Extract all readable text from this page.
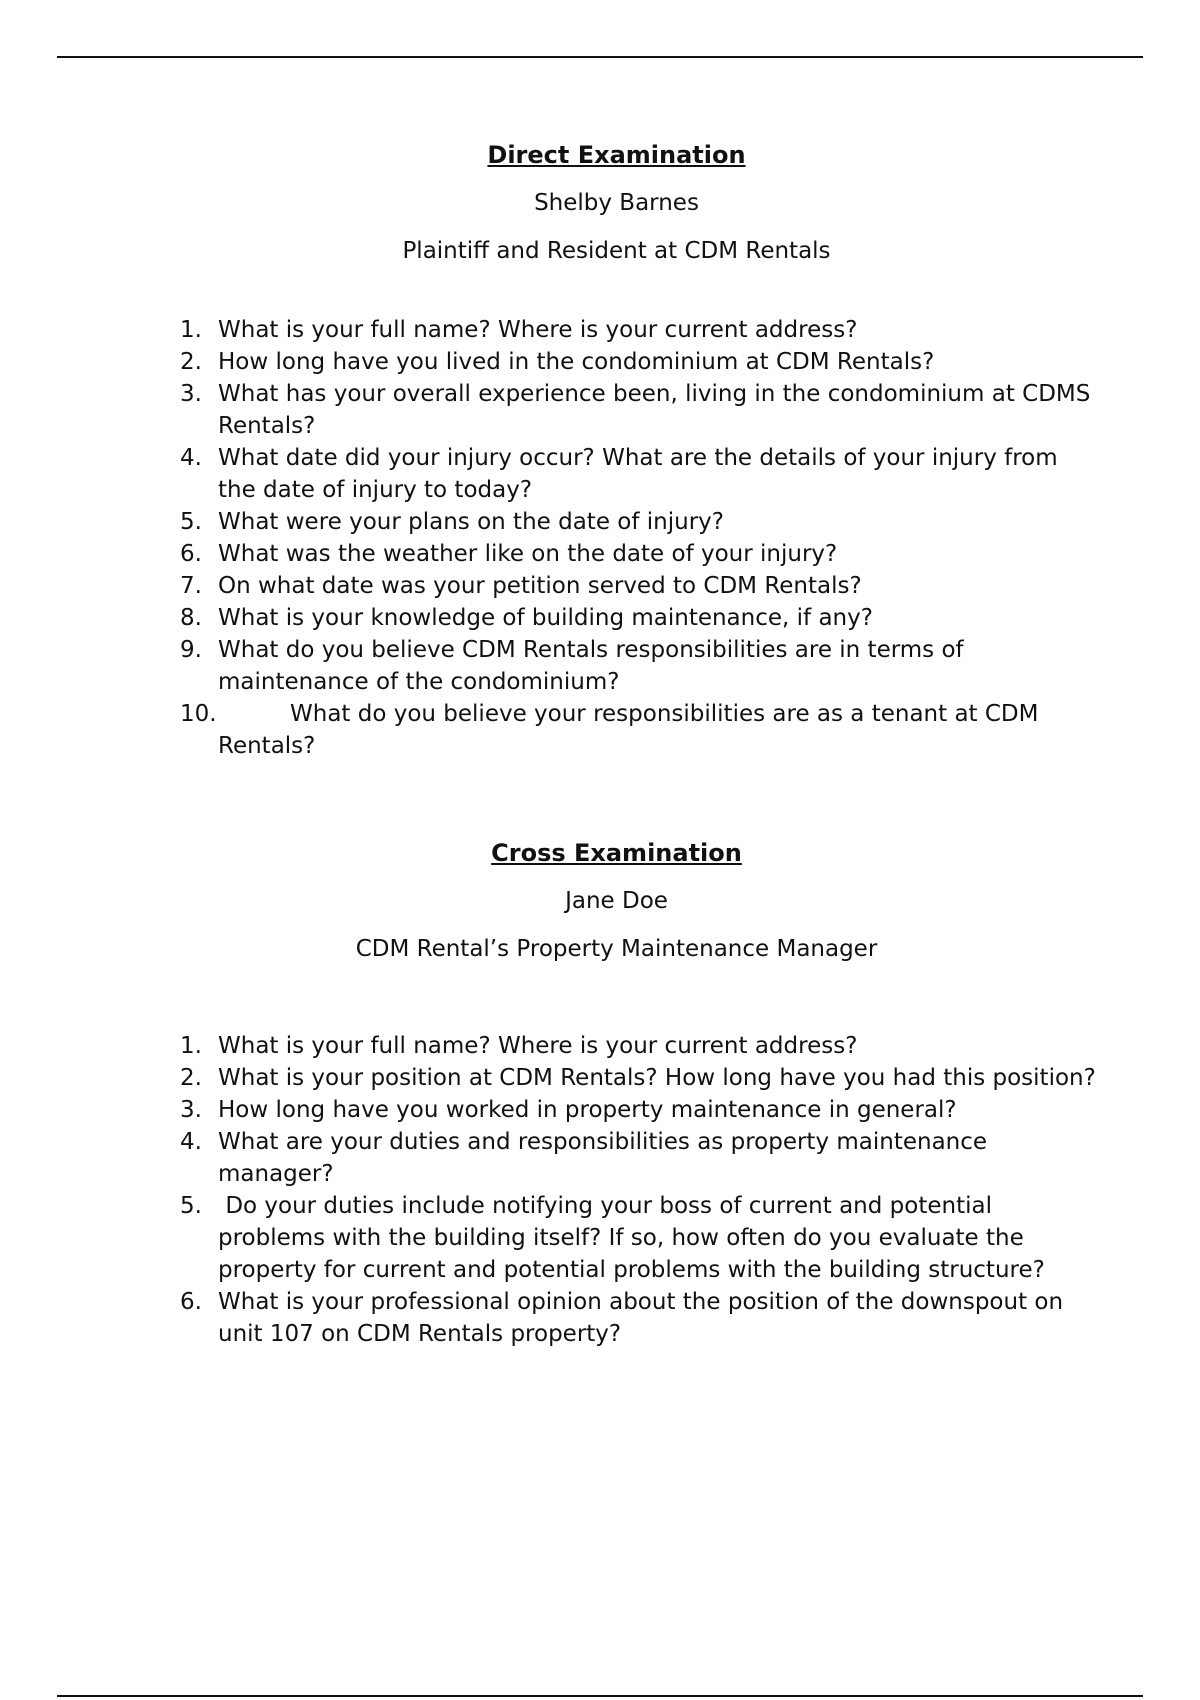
Direct Examination
Shelby Barnes
Plaintiff and Resident at CDM Rentals
1. What is your full name? Where is your current address?
2. How long have you lived in the condominium at CDM Rentals?
3. What has your overall experience been, living in the condominium at CDMS Rentals?
4. What date did your injury occur? What are the details of your injury from the date of injury to today?
5. What were your plans on the date of injury?
6. What was the weather like on the date of your injury?
7. On what date was your petition served to CDM Rentals?
8. What is your knowledge of building maintenance, if any?
9. What do you believe CDM Rentals responsibilities are in terms of maintenance of the condominium?
10.	What do you believe your responsibilities are as a tenant at CDM Rentals?
Cross Examination
Jane Doe
CDM Rental’s Property Maintenance Manager
1. What is your full name? Where is your current address?
2. What is your position at CDM Rentals? How long have you had this position?
3. How long have you worked in property maintenance in general?
4. What are your duties and responsibilities as property maintenance manager?
5. Do your duties include notifying your boss of current and potential problems with the building itself? If so, how often do you evaluate the property for current and potential problems with the building structure?
6. What is your professional opinion about the position of the downspout on unit 107 on CDM Rentals property?
